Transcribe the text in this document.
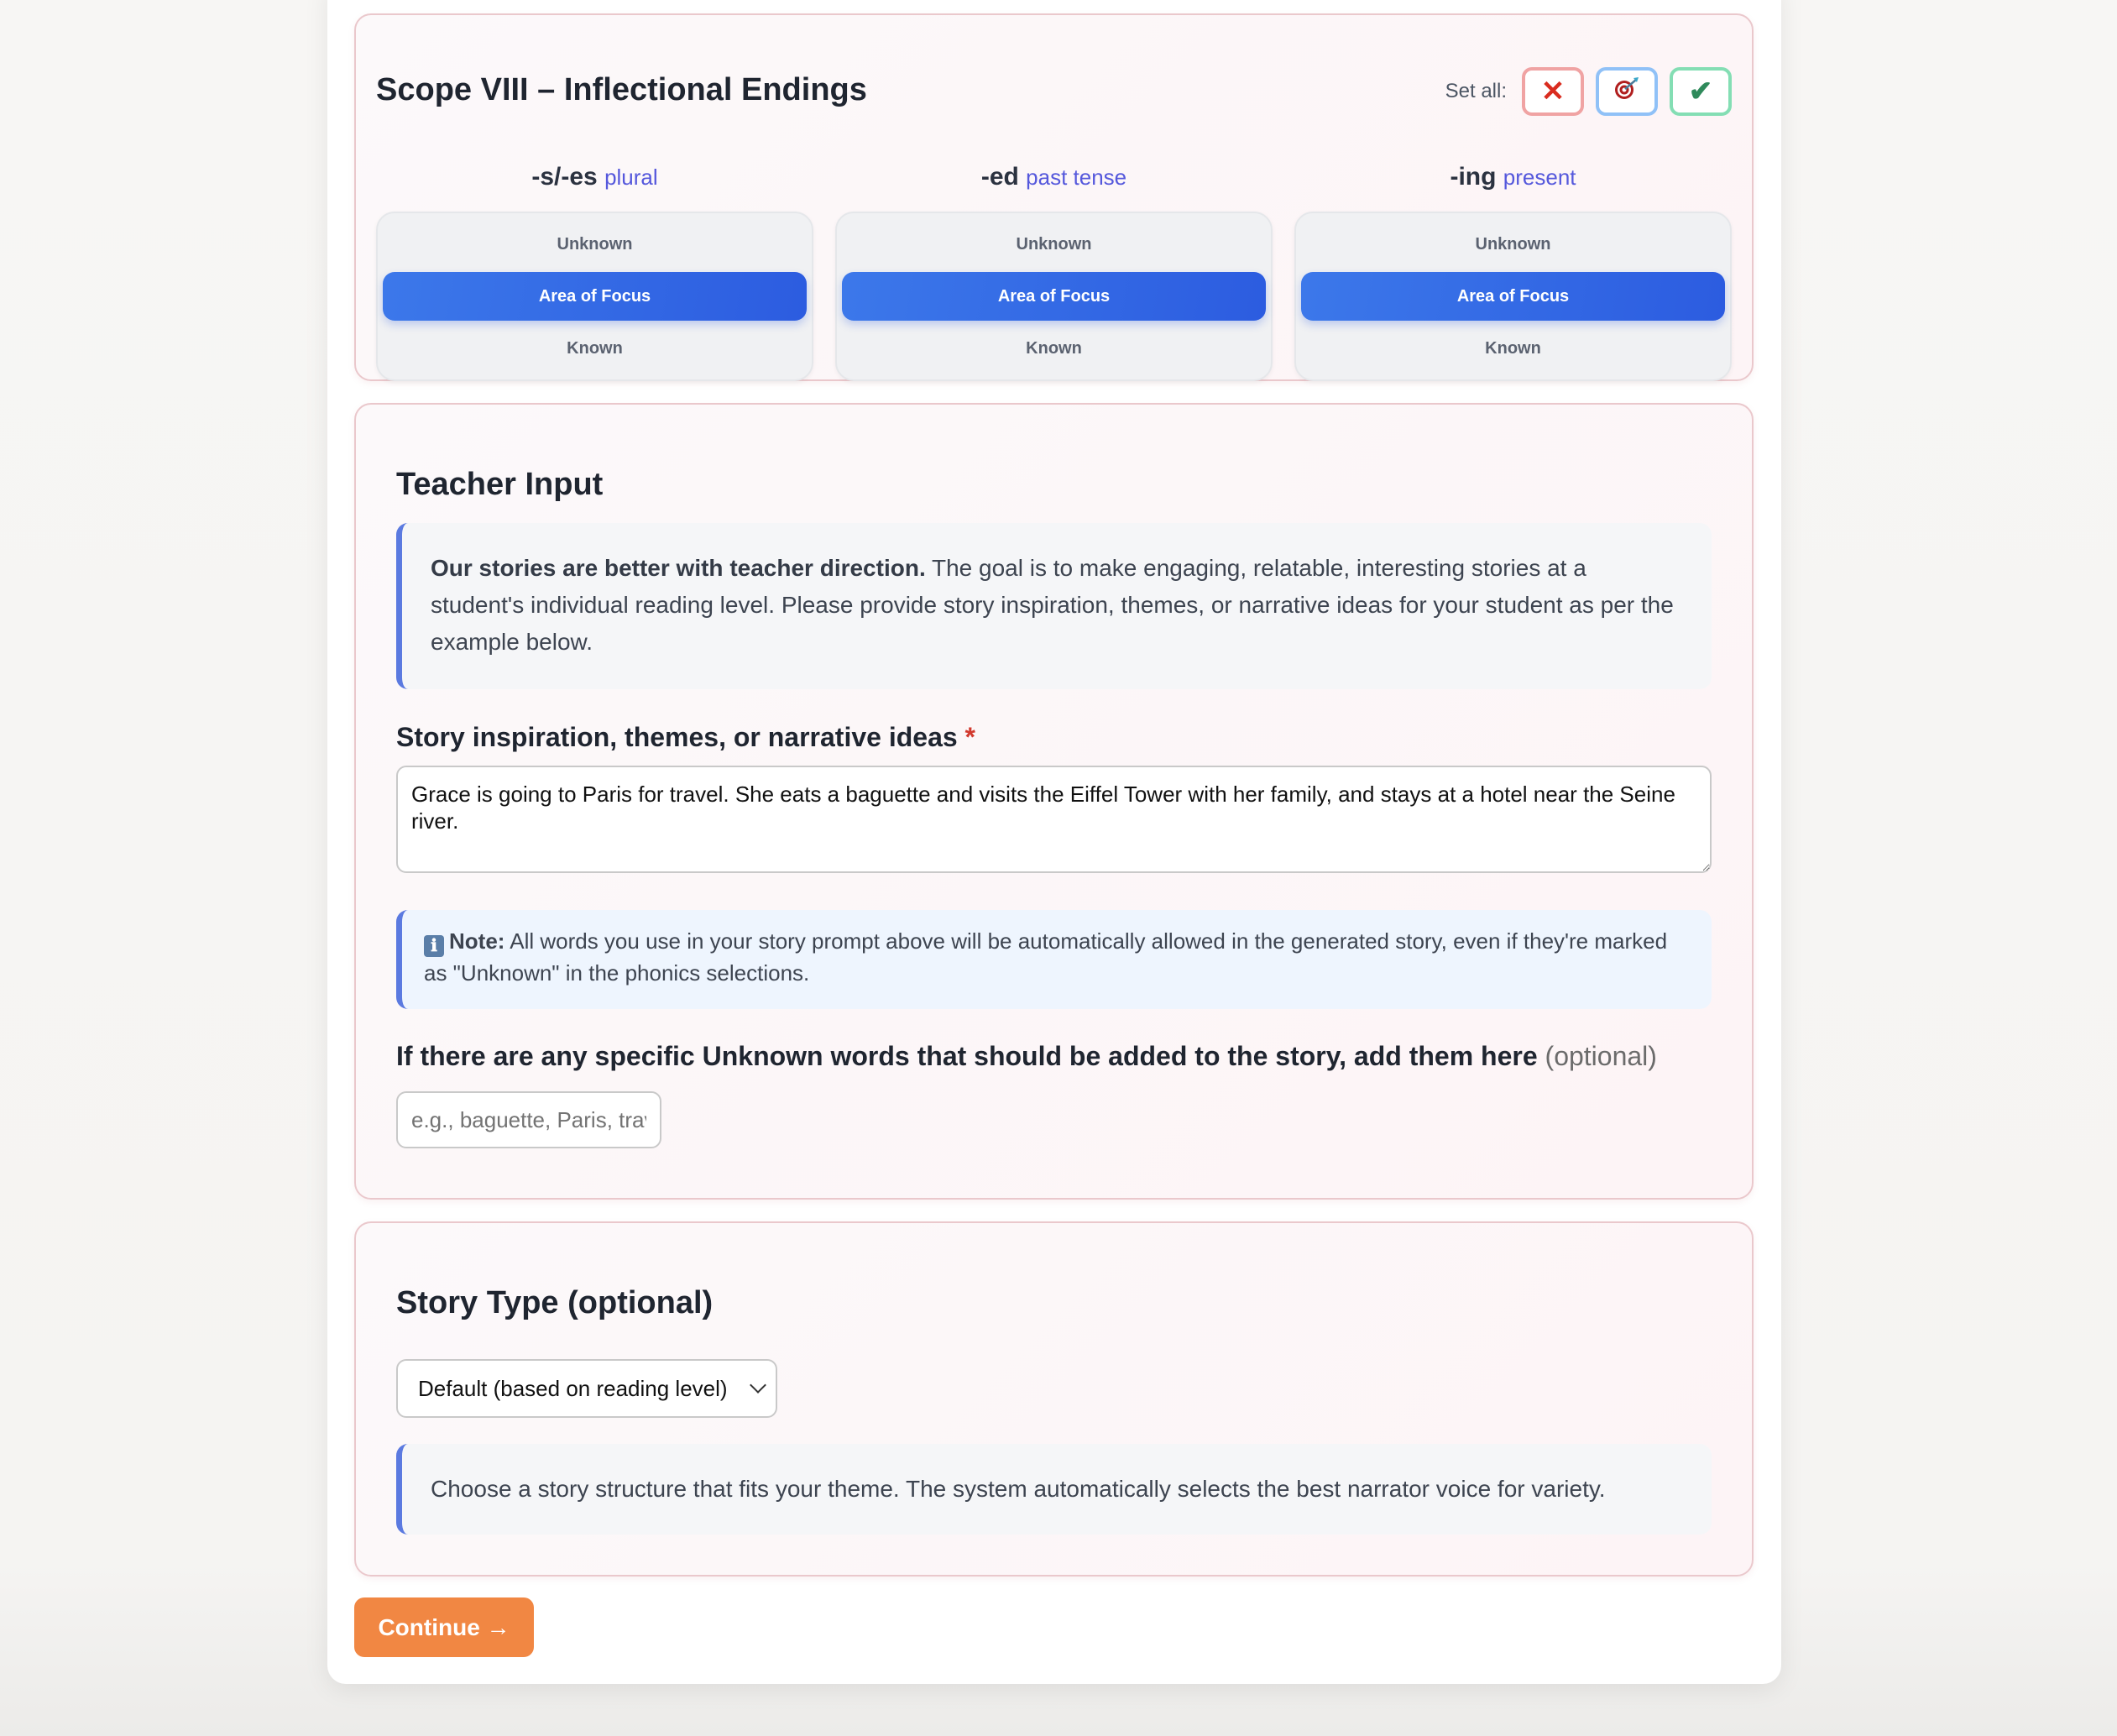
Scope VIII – Inflectional Endings	Set all: ✕	✔
-s/-es plural
Unknown
Area of Focus
Known
-ed past tense
Unknown
Area of Focus
Known
-ing present
Unknown
Area of Focus
Known
Teacher Input
Our stories are better with teacher direction. The goal is to make engaging, relatable, interesting stories at a student's individual reading level. Please provide story inspiration, themes, or narrative ideas for your student as per the example below.
Story inspiration, themes, or narrative ideas *
Grace is going to Paris for travel. She eats a baguette and visits the Eiffel Tower with her family, and stays at a hotel near the Seine river.
ℹ Note: All words you use in your story prompt above will be automatically allowed in the generated story, even if they're marked as "Unknown" in the phonics selections.
If there are any specific Unknown words that should be added to the story, add them here (optional)
e.g., baguette, Paris, travel
Story Type (optional)
Default (based on reading level)
Choose a story structure that fits your theme. The system automatically selects the best narrator voice for variety.
Continue →
